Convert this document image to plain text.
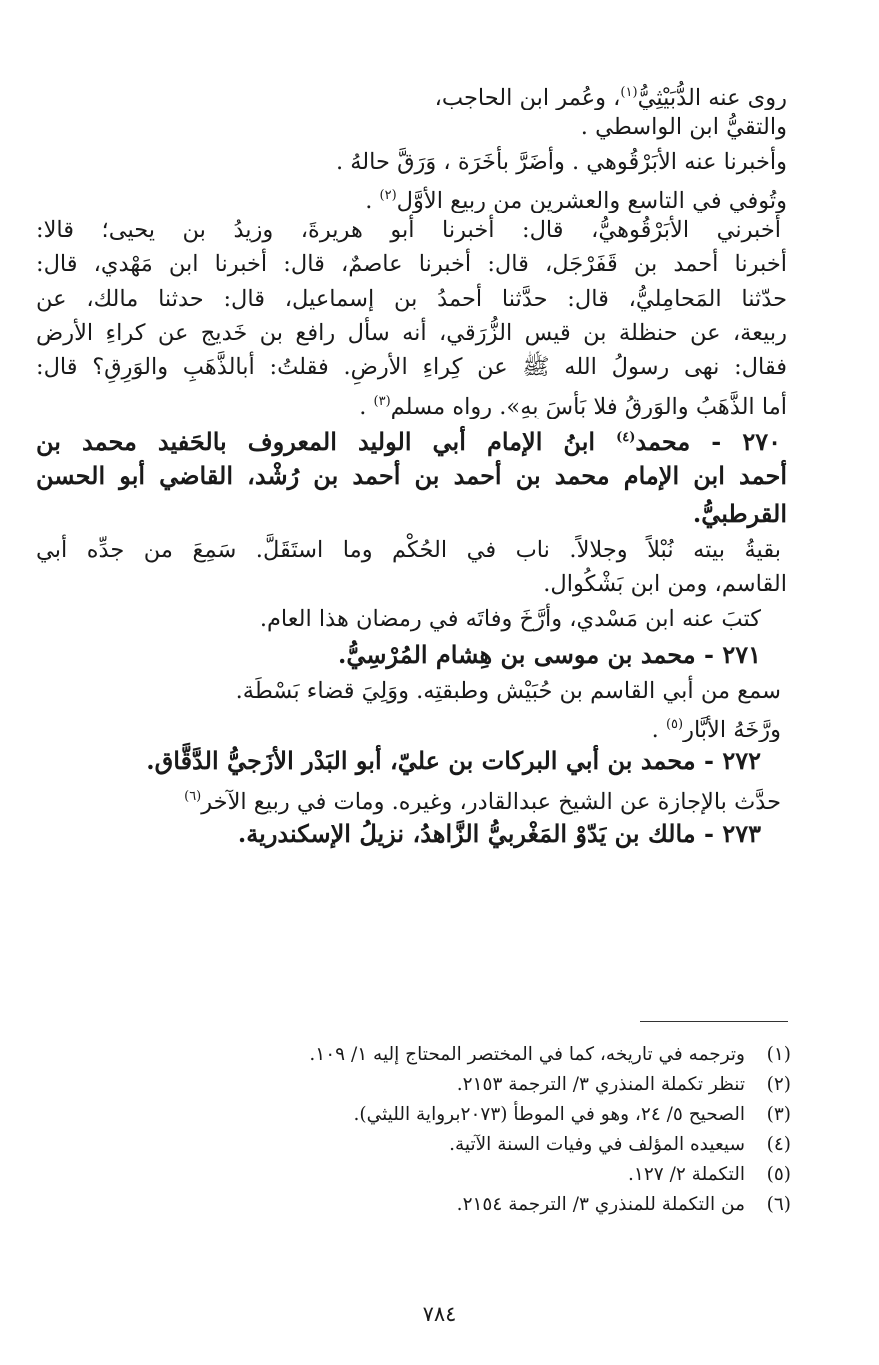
روى عنه الدُّبَيْثِيُّ$^{(١)}$، وعُمر ابن الحاجب،
والتقيُّ ابن الواسطي .
وأخبرنا عنه الأبَرْقُوهي . وأضَرَّ بأخَرَة ، وَرَقَّ حالهُ .
وتُوفي في التاسع والعشرين من ربيع الأوَّل$^{(٢)}$ .
أخبرني الأبَرْقُوهيُّ، قال: أخبرنا أبو هريرةَ، وزيدُ بن يحيى؛ قالا:
أخبرنا أحمد بن قَفَرْجَل، قال: أخبرنا عاصمٌ، قال: أخبرنا ابن مَهْدي، قال:
حدّثنا المَحامِليُّ، قال: حدَّثنا أحمدُ بن إسماعيل، قال: حدثنا مالك، عن
ربيعة، عن حنظلة بن قيس الزُّرَقي، أنه سأل رافع بن خَديج عن كراءِ الأرض
فقال: نهى رسولُ الله ﷺ عن كِراءِ الأرضِ. فقلتُ: أبالذَّهَبِ والوَرِقِ؟ قال:
أما الذَّهَبُ والوَرِقُ فلا بَأسَ بِهِ». رواه مسلم$^{(٣)}$ .
٢٧٠ - محمد$^{(٤)}$ ابنُ الإمام أبي الوليد المعروف بالحَفيد محمد بن
أحمد ابن الإمام محمد بن أحمد بن أحمد بن رُشْد، القاضي أبو الحسن
القرطبيُّ.
بقيةُ بيته نُبْلاً وجلالاً. ناب في الحُكْم وما استَقَلَّ. سَمِعَ من جدِّه أبي
القاسم، ومن ابن بَشْكُوال.
كتبَ عنه ابن مَسْدي، وأرَّخَ وفاتَه في رمضان هذا العام.
٢٧١ - محمد بن موسى بن هِشام المُرْسِيُّ.
سمع من أبي القاسم بن حُبَيْش وطبقتِه. ووَلِيَ قضاء بَسْطَة.
ورَّخَهُ الأبَّار$^{(٥)}$ .
٢٧٢ - محمد بن أبي البركات بن عليّ، أبو البَدْر الأزَجيُّ الدَّقَّاق.
حدَّث بالإجازة عن الشيخ عبدالقادر، وغيره. ومات في ربيع الآخر$^{(٦)}$
٢٧٣ - مالك بن يَدّوْ المَغْربيُّ الزَّاهدُ، نزيلُ الإسكندرية.
(١)
وترجمه في تاريخه، كما في المختصر المحتاج إليه ١/ ١٠٩.
(٢)
تنظر تكملة المنذري ٣/ الترجمة ٢١٥٣.
(٣)
الصحيح ٥/ ٢٤، وهو في الموطأ (٢٠٧٣برواية الليثي).
(٤)
سيعيده المؤلف في وفيات السنة الآتية.
(٥)
التكملة ٢/ ١٢٧.
(٦)
من التكملة للمنذري ٣/ الترجمة ٢١٥٤.
٧٨٤
